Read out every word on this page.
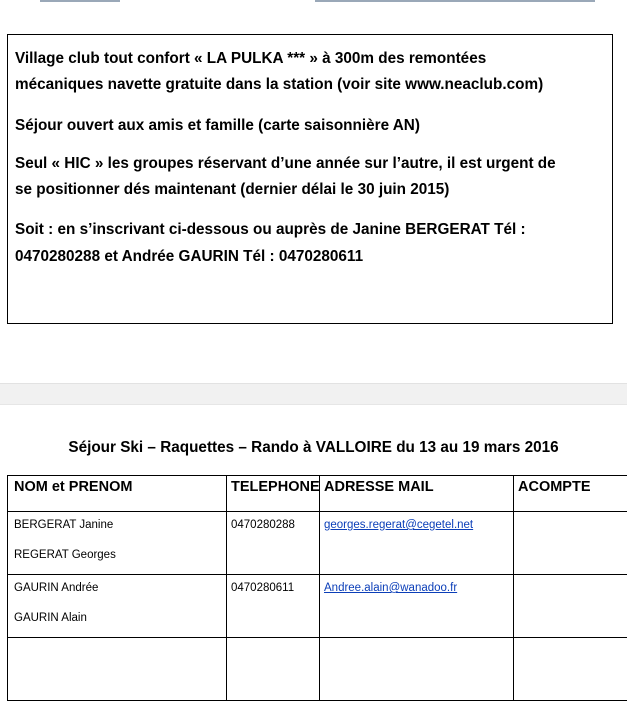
Village club tout confort « LA PULKA *** » à 300m des remontées

mécaniques navette gratuite dans la station (voir site www.neaclub.com)

Séjour ouvert aux amis et famille (carte saisonnière AN)

Seul « HIC » les groupes réservant d’une année sur l’autre, il est urgent de

se positionner dés maintenant (dernier délai le 30 juin 2015)

Soit : en s’inscrivant ci-dessous ou auprès de Janine BERGERAT Tél :

0470280288 et Andrée GAURIN Tél : 0470280611

Séjour Ski – Raquettes – Rando à VALLOIRE du 13 au 19 mars 2016

NOM et PRENOM	TELEPHONE	ADRESSE MAIL	ACOMPTE

BERGERAT Janine
REGERAT Georges	0470280288	georges.regerat@cegetel.net	

GAURIN Andrée
GAURIN Alain	0470280611	Andree.alain@wanadoo.fr	
